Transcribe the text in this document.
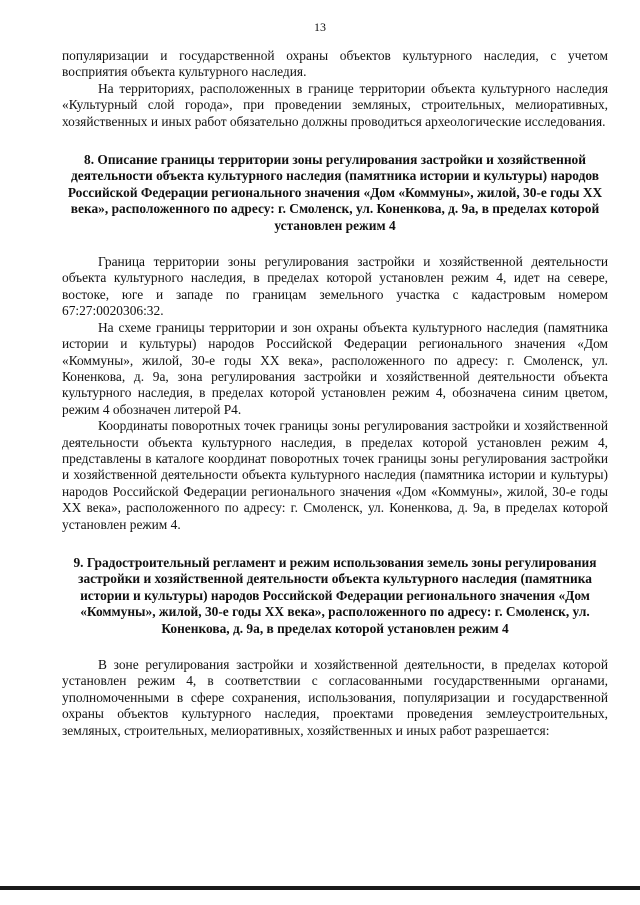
13

популяризации и государственной охраны объектов культурного наследия, с учетом восприятия объекта культурного наследия.

На территориях, расположенных в границе территории объекта культурного наследия «Культурный слой города», при проведении земляных, строительных, мелиоративных, хозяйственных и иных работ обязательно должны проводиться археологические исследования.

8. Описание границы территории зоны регулирования застройки и хозяйственной деятельности объекта культурного наследия (памятника истории и культуры) народов Российской Федерации регионального значения «Дом «Коммуны», жилой, 30-е годы XX века», расположенного по адресу: г. Смоленск, ул. Коненкова, д. 9а, в пределах которой установлен режим 4

Граница территории зоны регулирования застройки и хозяйственной деятельности объекта культурного наследия, в пределах которой установлен режим 4, идет на севере, востоке, юге и западе по границам земельного участка с кадастровым номером 67:27:0020306:32.

На схеме границы территории и зон охраны объекта культурного наследия (памятника истории и культуры) народов Российской Федерации регионального значения «Дом «Коммуны», жилой, 30-е годы XX века», расположенного по адресу: г. Смоленск, ул. Коненкова, д. 9а, зона регулирования застройки и хозяйственной деятельности объекта культурного наследия, в пределах которой установлен режим 4, обозначена синим цветом, режим 4 обозначен литерой Р4.

Координаты поворотных точек границы зоны регулирования застройки и хозяйственной деятельности объекта культурного наследия, в пределах которой установлен режим 4, представлены в каталоге координат поворотных точек границы зоны регулирования застройки и хозяйственной деятельности объекта культурного наследия (памятника истории и культуры) народов Российской Федерации регионального значения «Дом «Коммуны», жилой, 30-е годы XX века», расположенного по адресу: г. Смоленск, ул. Коненкова, д. 9а, в пределах которой установлен режим 4.

9. Градостроительный регламент и режим использования земель зоны регулирования застройки и хозяйственной деятельности объекта культурного наследия (памятника истории и культуры) народов Российской Федерации регионального значения «Дом «Коммуны», жилой, 30-е годы XX века», расположенного по адресу: г. Смоленск, ул. Коненкова, д. 9а, в пределах которой установлен режим 4

В зоне регулирования застройки и хозяйственной деятельности, в пределах которой установлен режим 4, в соответствии с согласованными государственными органами, уполномоченными в сфере сохранения, использования, популяризации и государственной охраны объектов культурного наследия, проектами проведения землеустроительных, земляных, строительных, мелиоративных, хозяйственных и иных работ разрешается:
